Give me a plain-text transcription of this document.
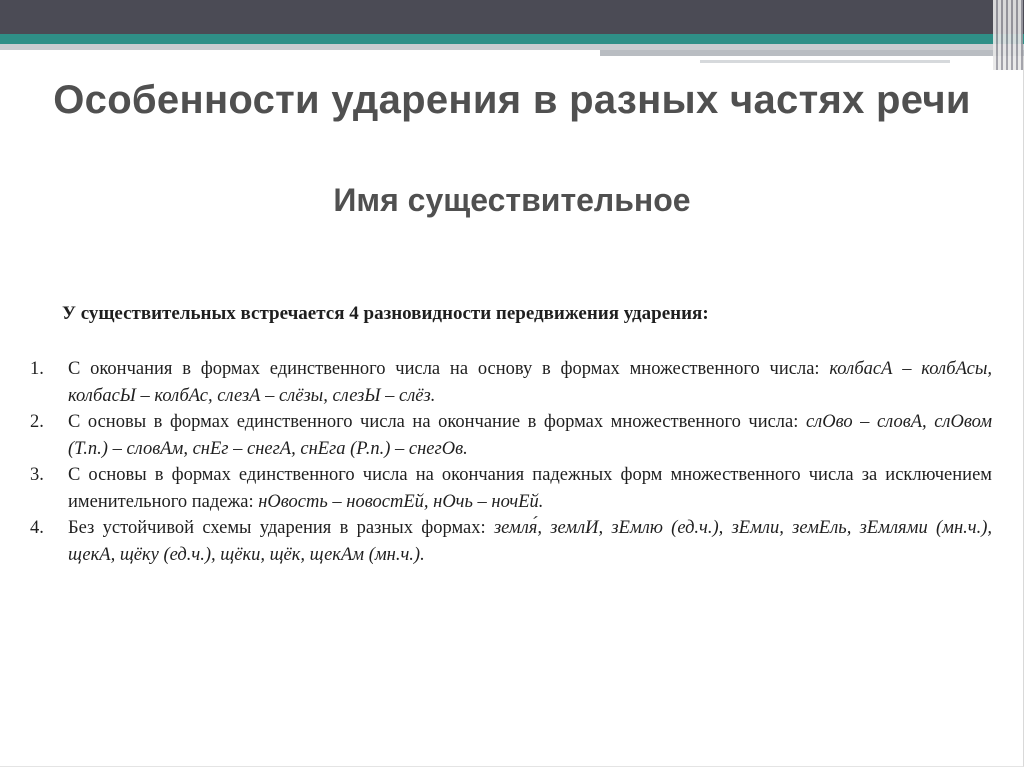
Особенности ударения в разных частях речи
Имя существительное
У существительных встречается 4 разновидности передвижения ударения:
1.	С окончания в формах единственного числа на основу в формах множественного числа: колбасА – колбАсы, колбасЫ – колбАс, слезА – слёзы, слезЫ – слёз.
2.	С основы в формах единственного числа на окончание в формах множественного числа: слОво – словА, слОвом (Т.п.) – словАм, снЕг – снегА, снЕга (Р.п.) – снегОв.
3.	С основы в формах единственного числа на окончания падежных форм множественного числа за исключением именительного падежа: нОвость – новостЕй, нОчь – ночЕй.
4.	Без устойчивой схемы ударения в разных формах: земля́, землИ, зЕмлю (ед.ч.), зЕмли, земЕль, зЕмлями (мн.ч.), щекА, щёку (ед.ч.), щёки, щёк, щекАм (мн.ч.).
